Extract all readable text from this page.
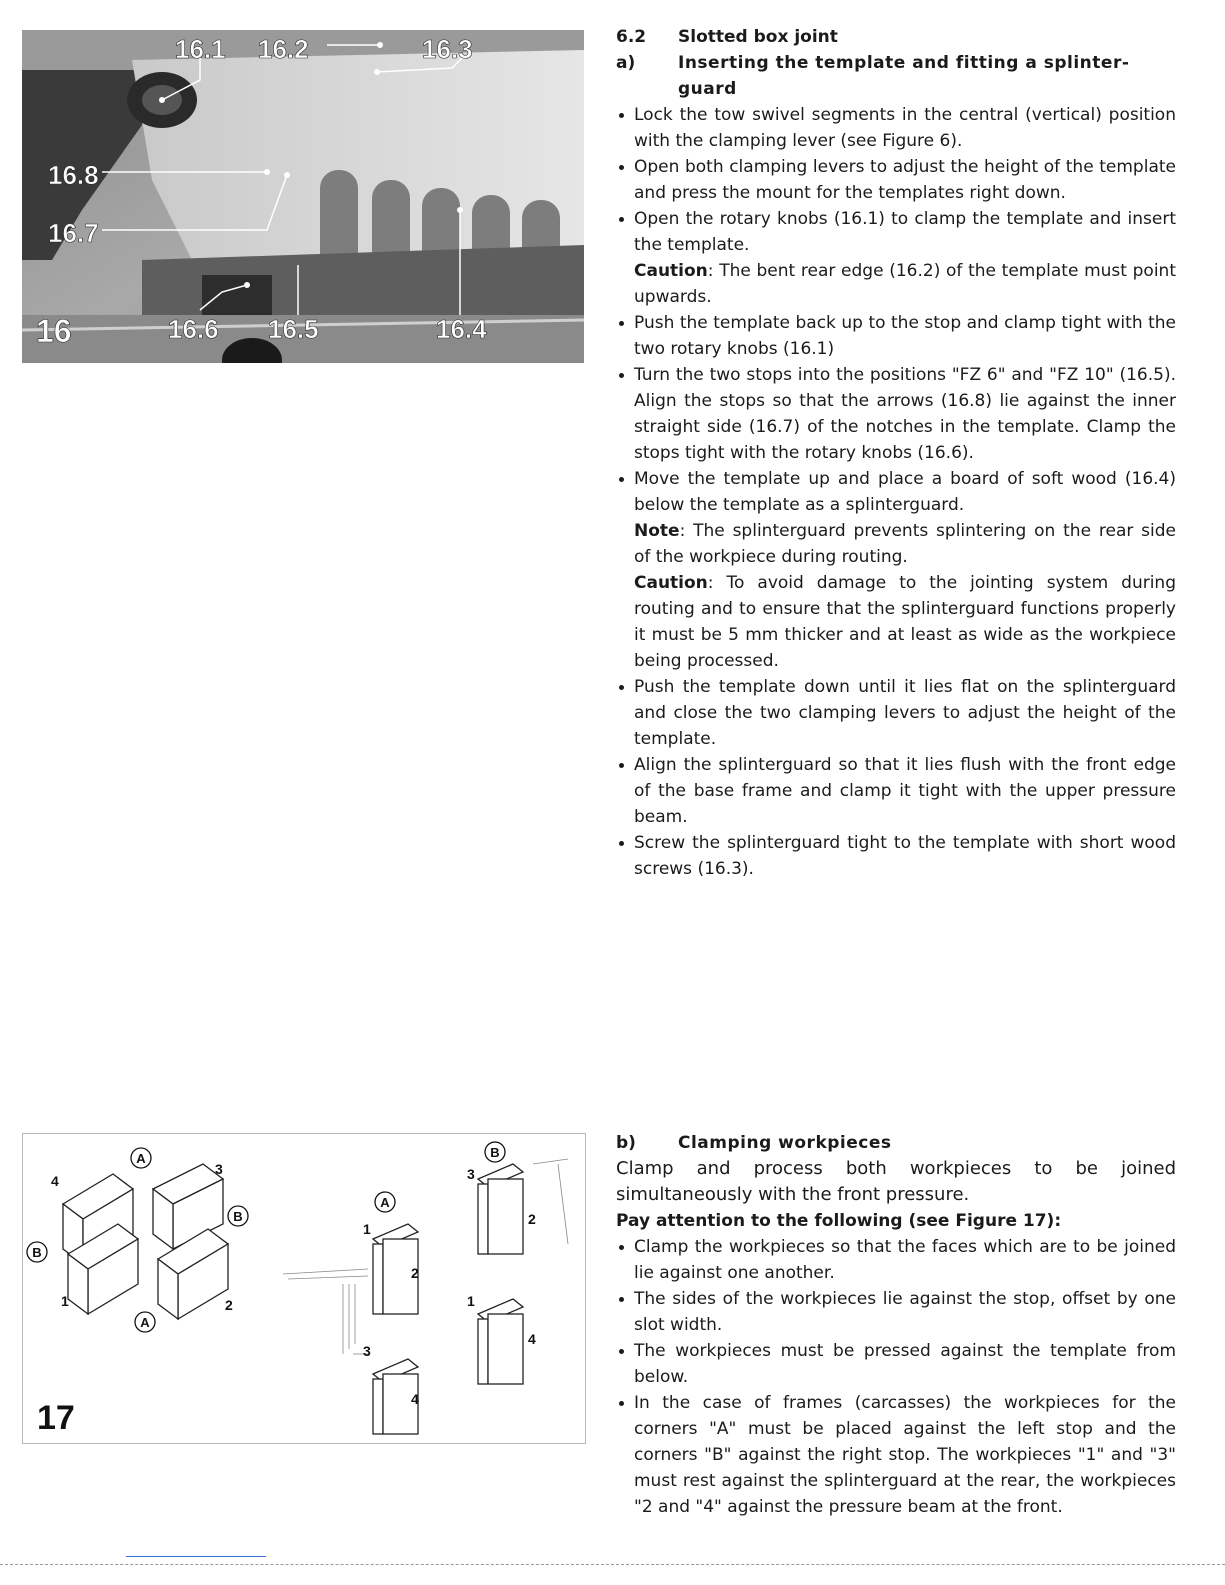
16.1 16.2	16.3
16.8
16.7
16.6 16.5	16.4
16
6.2	Slotted box joint
a)	Inserting the template and fitting a splinter-guard
Lock the tow swivel segments in the central (vertical) position with the clamping lever (see Figure 6).
Open both clamping levers to adjust the height of the template and press the mount for the templates right down.
Open the rotary knobs (16.1) to clamp the template and insert the template.
Caution: The bent rear edge (16.2) of the template must point upwards.
Push the template back up to the stop and clamp tight with the two rotary knobs (16.1)
Turn the two stops into the positions "FZ 6" and "FZ 10" (16.5). Align the stops so that the arrows (16.8) lie against the inner straight side (16.7) of the notches in the template. Clamp the stops tight with the rotary knobs (16.6).
Move the template up and place a board of soft wood (16.4) below the template as a splinterguard.
Note: The splinterguard prevents splintering on the rear side of the workpiece during routing.
Caution: To avoid damage to the jointing system during routing and to ensure that the splinterguard functions properly it must be 5 mm thicker and at least as wide as the workpiece being processed.
Push the template down until it lies flat on the splinterguard and close the two clamping levers to adjust the height of the template.
Align the splinterguard so that it lies flush with the front edge of the base frame and clamp it tight with the upper pressure beam.
Screw the splinterguard tight to the template with short wood screws (16.3).
4
3
1	2
1
2
3
2
1
4
3
4
A
B
B
A
A
B
17
b)	Clamping workpieces

Clamp and process both workpieces to be joined simultaneously with the front pressure.

Pay attention to the following (see Figure 17):
Clamp the workpieces so that the faces which are to be joined lie against one another.
The sides of the workpieces lie against the stop, offset by one slot width.
The workpieces must be pressed against the template from below.
In the case of frames (carcasses) the workpieces for the corners "A" must be placed against the left stop and the corners "B" against the right stop. The workpieces "1" and "3" must rest against the splinterguard at the rear, the workpieces "2 and "4" against the pressure beam at the front.
